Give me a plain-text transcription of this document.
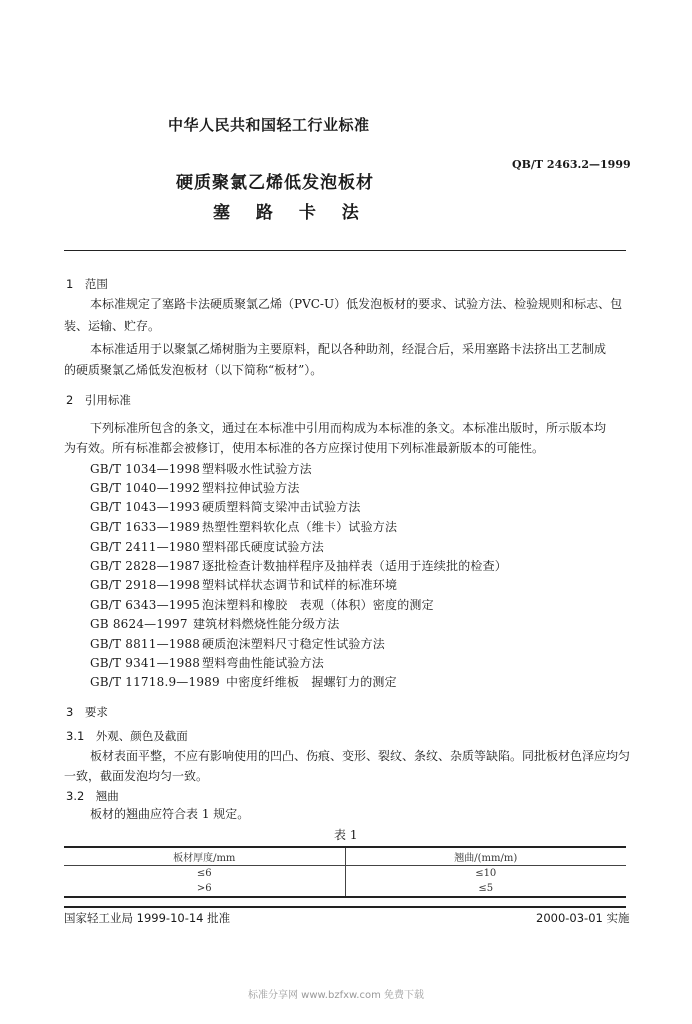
中华人民共和国轻工行业标准
QB/T 2463.2—1999
硬质聚氯乙烯低发泡板材
塞 路 卡 法
1　范围
本标准规定了塞路卡法硬质聚氯乙烯（PVC-U）低发泡板材的要求、试验方法、检验规则和标志、包
装、运输、贮存。
本标准适用于以聚氯乙烯树脂为主要原料，配以各种助剂，经混合后，采用塞路卡法挤出工艺制成
的硬质聚氯乙烯低发泡板材（以下简称“板材”）。
2　引用标准
下列标准所包含的条文，通过在本标准中引用而构成为本标准的条文。本标准出版时，所示版本均
为有效。所有标准都会被修订，使用本标准的各方应探讨使用下列标准最新版本的可能性。
GB/T 1034—1998 塑料吸水性试验方法
GB/T 1040—1992 塑料拉伸试验方法
GB/T 1043—1993 硬质塑料简支梁冲击试验方法
GB/T 1633—1989 热塑性塑料软化点（维卡）试验方法
GB/T 2411—1980 塑料邵氏硬度试验方法
GB/T 2828—1987 逐批检查计数抽样程序及抽样表（适用于连续批的检查）
GB/T 2918—1998 塑料试样状态调节和试样的标准环境
GB/T 6343—1995 泡沫塑料和橡胶　表观（体积）密度的测定
GB 8624—1997 建筑材料燃烧性能分级方法
GB/T 8811—1988 硬质泡沫塑料尺寸稳定性试验方法
GB/T 9341—1988 塑料弯曲性能试验方法
GB/T 11718.9—1989 中密度纤维板　握螺钉力的测定
3　要求
3.1　外观、颜色及截面
板材表面平整，不应有影响使用的凹凸、伤痕、变形、裂纹、条纹、杂质等缺陷。同批板材色泽应均匀
一致，截面发泡均匀一致。
3.2　翘曲
板材的翘曲应符合表 1 规定。
表 1
板材厚度/mm	翘曲/(mm/m)
≤6	≤10
>6	≤5
国家轻工业局 1999-10-14 批准	2000-03-01 实施
标准分享网 www.bzfxw.com 免费下载
